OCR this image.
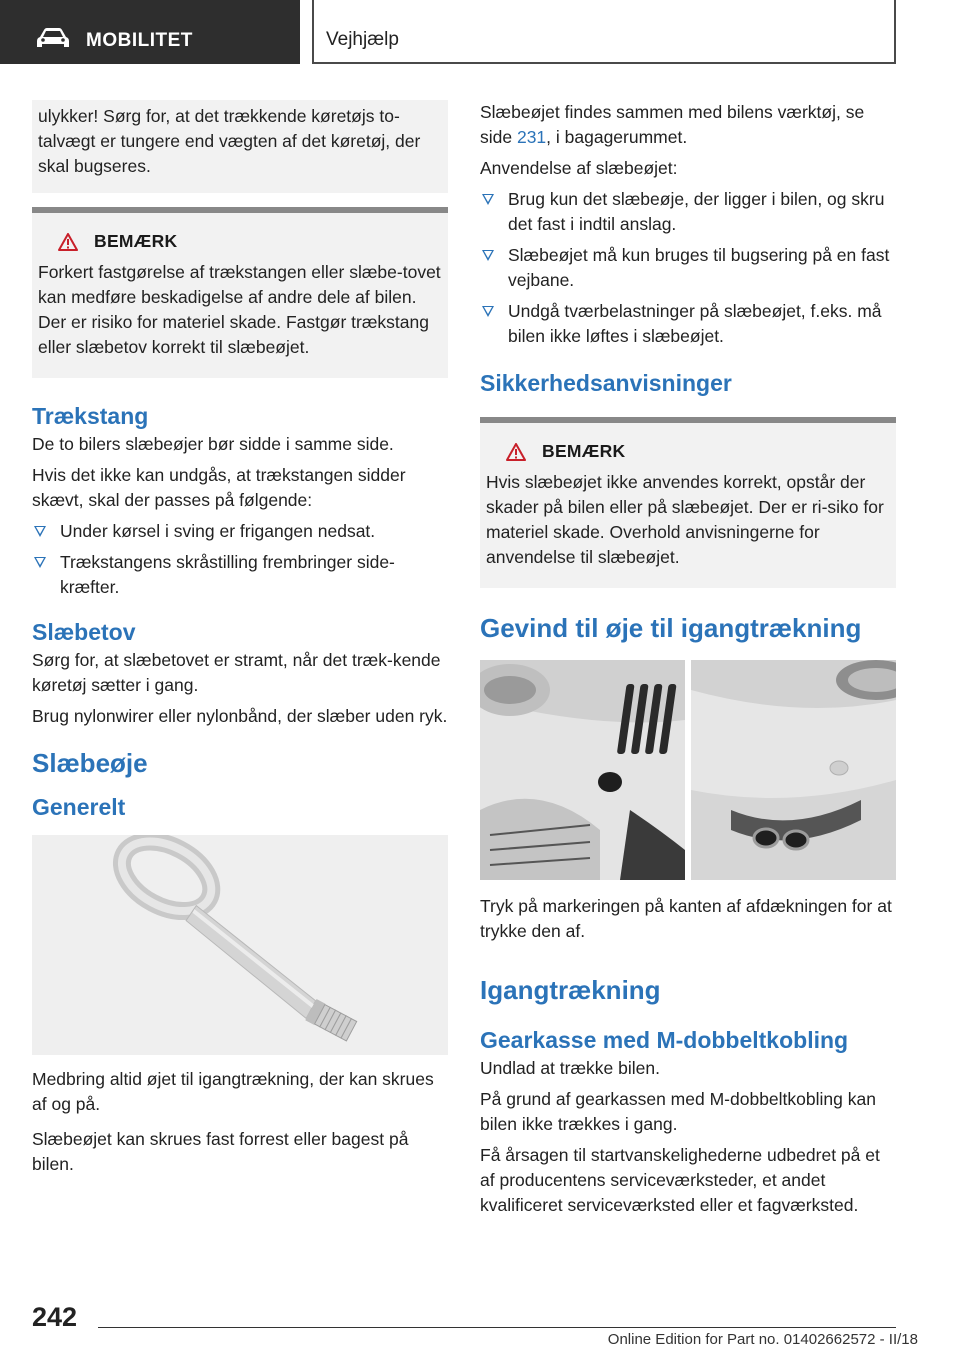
MOBILITET	Vejhjælp

ulykker! Sørg for, at det trækkende køretøjs to-talvægt er tungere end vægten af det køretøj, der skal bugseres.

BEMÆRK

Forkert fastgørelse af trækstangen eller slæbe-tovet kan medføre beskadigelse af andre dele af bilen. Der er risiko for materiel skade. Fastgør trækstang eller slæbetov korrekt til slæbeøjet.

Trækstang

De to bilers slæbeøjer bør sidde i samme side.

Hvis det ikke kan undgås, at trækstangen sidder skævt, skal der passes på følgende:

Under kørsel i sving er frigangen nedsat.
Trækstangens skråstilling frembringer side-kræfter.
Slæbetov

Sørg for, at slæbetovet er stramt, når det træk-kende køretøj sætter i gang.

Brug nylonwirer eller nylonbånd, der slæber uden ryk.

Slæbeøje
Generelt

Medbring altid øjet til igangtrækning, der kan skrues af og på.

Slæbeøjet kan skrues fast forrest eller bagest på bilen.

Slæbeøjet findes sammen med bilens værktøj, se side 231, i bagagerummet.

Anvendelse af slæbeøjet:

Brug kun det slæbeøje, der ligger i bilen, og skru det fast i indtil anslag.
Slæbeøjet må kun bruges til bugsering på en fast vejbane.
Undgå tværbelastninger på slæbeøjet, f.eks. må bilen ikke løftes i slæbeøjet.
Sikkerhedsanvisninger
BEMÆRK

Hvis slæbeøjet ikke anvendes korrekt, opstår der skader på bilen eller på slæbeøjet. Der er ri-siko for materiel skade. Overhold anvisningerne for anvendelse til slæbeøjet.

Gevind til øje til igangtrækning

Tryk på markeringen på kanten af afdækningen for at trykke den af.

Igangtrækning
Gearkasse med M-dobbeltkobling

Undlad at trække bilen.

På grund af gearkassen med M-dobbeltkobling kan bilen ikke trækkes i gang.

Få årsagen til startvanskelighederne udbedret på et af producentens serviceværksteder, et andet kvalificeret serviceværksted eller et fagværksted.

242
Online Edition for Part no. 01402662572 - II/18
